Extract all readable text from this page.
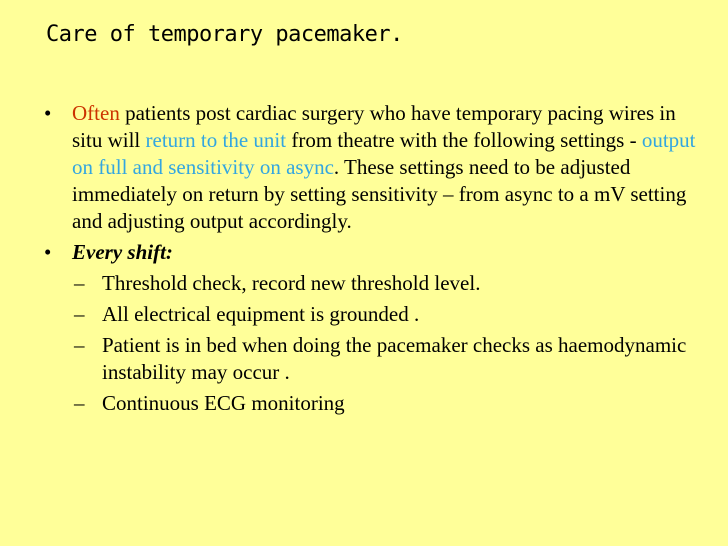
Care of temporary pacemaker.
• Often patients post cardiac surgery who have temporary pacing wires in situ will return to the unit from theatre with the following settings - output on full and sensitivity on async. These settings need to be adjusted immediately on return by setting sensitivity – from async to a mV setting and adjusting output accordingly.
• Every shift:
– Threshold check, record new threshold level.
– All electrical equipment is grounded .
– Patient is in bed when doing the pacemaker checks as haemodynamic instability may occur .
– Continuous ECG monitoring
